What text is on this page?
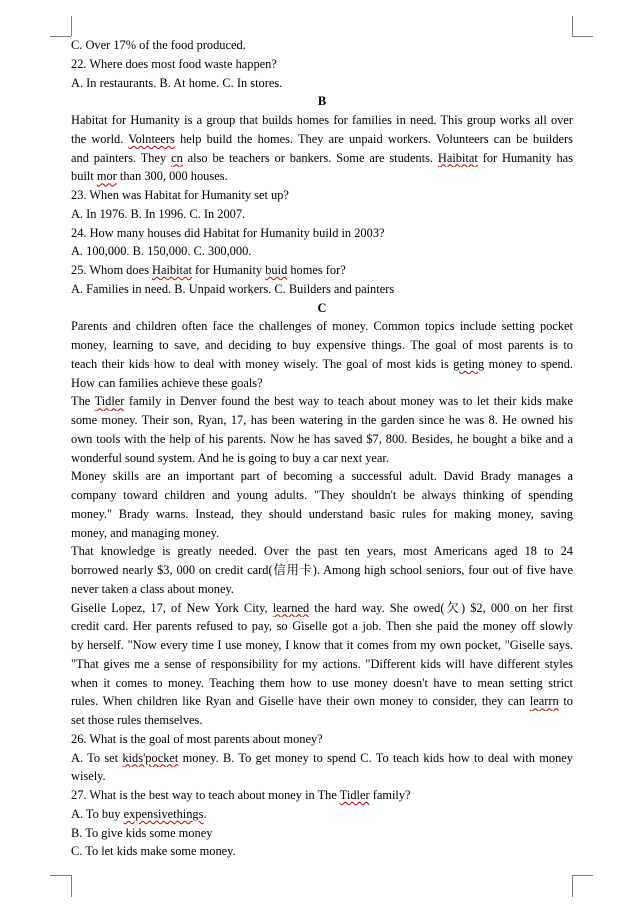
C. Over 17% of the food produced.
22. Where does most food waste happen?
A. In restaurants. B. At home. C. In stores.
B
Habitat for Humanity is a group that builds homes for families in need. This group works all over
the world. Volnteers help build the homes. They are unpaid workers. Volunteers can be builders
and painters. They cn also be teachers or bankers. Some are students. Haibitat for Humanity has
built mor than 300, 000 houses.
23. When was Habitat for Humanity set up?
A. In 1976. B. In 1996. C. In 2007.
24. How many houses did Habitat for Humanity build in 2003?
A. 100,000. B. 150,000. C. 300,000.
25. Whom does Haibitat for Humanity buid homes for?
A. Families in need. B. Unpaid workers. C. Builders and painters
C
Parents and children often face the challenges of money. Common topics include setting pocket
money, learning to save, and deciding to buy expensive things. The goal of most parents is to
teach their kids how to deal with money wisely. The goal of most kids is geting money to spend.
How can families achieve these goals?
The Tidler family in Denver found the best way to teach about money was to let their kids make
some money. Their son, Ryan, 17, has been watering in the garden since he was 8. He owned his
own tools with the help of his parents. Now he has saved $7, 800. Besides, he bought a bike and a
wonderful sound system. And he is going to buy a car next year.
Money skills are an important part of becoming a successful adult. David Brady manages a
company toward children and young adults. "They shouldn't be always thinking of spending
money." Brady warns. Instead, they should understand basic rules for making money, saving
money, and managing money.
That knowledge is greatly needed. Over the past ten years, most Americans aged 18 to 24
borrowed nearly $3, 000 on credit card(信用卡). Among high school seniors, four out of five have
never taken a class about money.
Giselle Lopez, 17, of New York City, learned the hard way. She owed(欠) $2, 000 on her first
credit card. Her parents refused to pay, so Giselle got a job. Then she paid the money off slowly
by herself. "Now every time I use money, I know that it comes from my own pocket, "Giselle says.
"That gives me a sense of responsibility for my actions. "Different kids will have different styles
when it comes to money. Teaching them how to use money doesn't have to mean setting strict
rules. When children like Ryan and Giselle have their own money to consider, they can learrn to
set those rules themselves.
26. What is the goal of most parents about money?
A. To set kids'pocket money. B. To get money to spend C. To teach kids how to deal with money
wisely.
27. What is the best way to teach about money in The Tidler family?
A. To buy expensivethings.
B. To give kids some money
C. To let kids make some money.
